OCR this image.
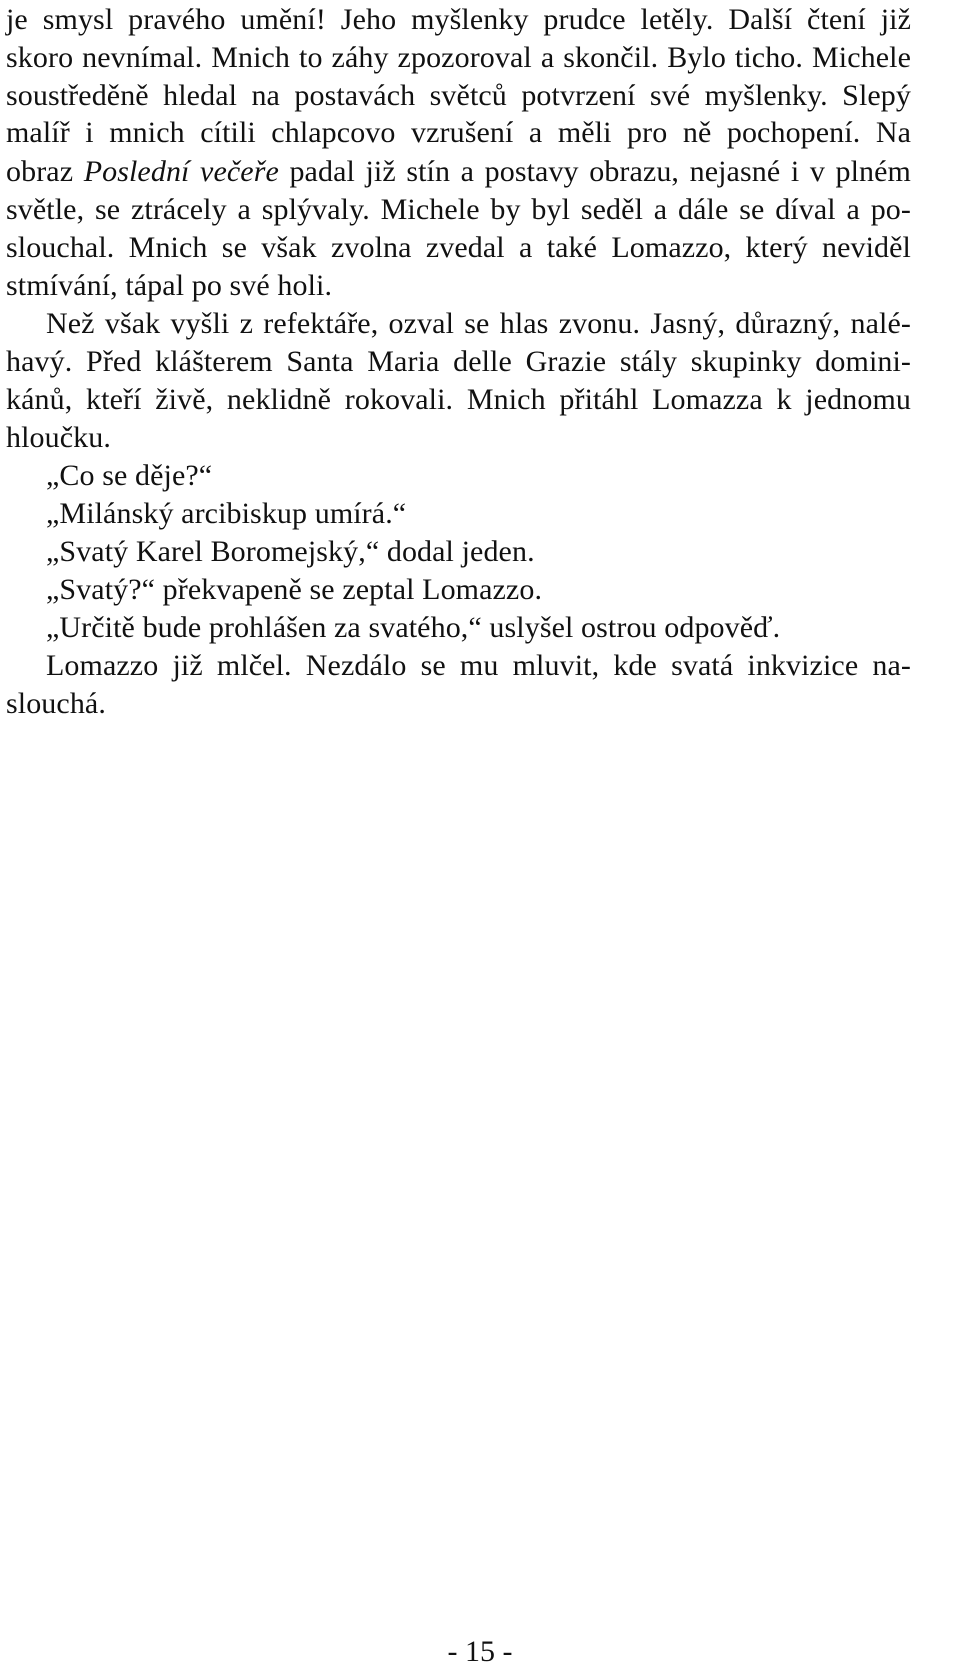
je smysl pravého umění! Jeho myšlenky prudce letěly. Další čtení již
skoro nevnímal. Mnich to záhy zpozoroval a skončil. Bylo ticho. Michele
soustředěně hledal na postavách světců potvrzení své myšlenky. Slepý
malíř i mnich cítili chlapcovo vzrušení a měli pro ně pochopení. Na
obraz Poslední večeře padal již stín a postavy obrazu, nejasné i v plném
světle, se ztrácely a splývaly. Michele by byl seděl a dále se díval a po-
slouchal. Mnich se však zvolna zvedal a také Lomazzo, který neviděl
stmívání, tápal po své holi.
Než však vyšli z refektáře, ozval se hlas zvonu. Jasný, důrazný, nalé-
havý. Před klášterem Santa Maria delle Grazie stály skupinky domini-
kánů, kteří živě, neklidně rokovali. Mnich přitáhl Lomazza k jednomu
hloučku.
„Co se děje?“
„Milánský arcibiskup umírá.“
„Svatý Karel Boromejský,“ dodal jeden.
„Svatý?“ překvapeně se zeptal Lomazzo.
„Určitě bude prohlášen za svatého,“ uslyšel ostrou odpověď.
Lomazzo již mlčel. Nezdálo se mu mluvit, kde svatá inkvizice na-
slouchá.
- 15 -
